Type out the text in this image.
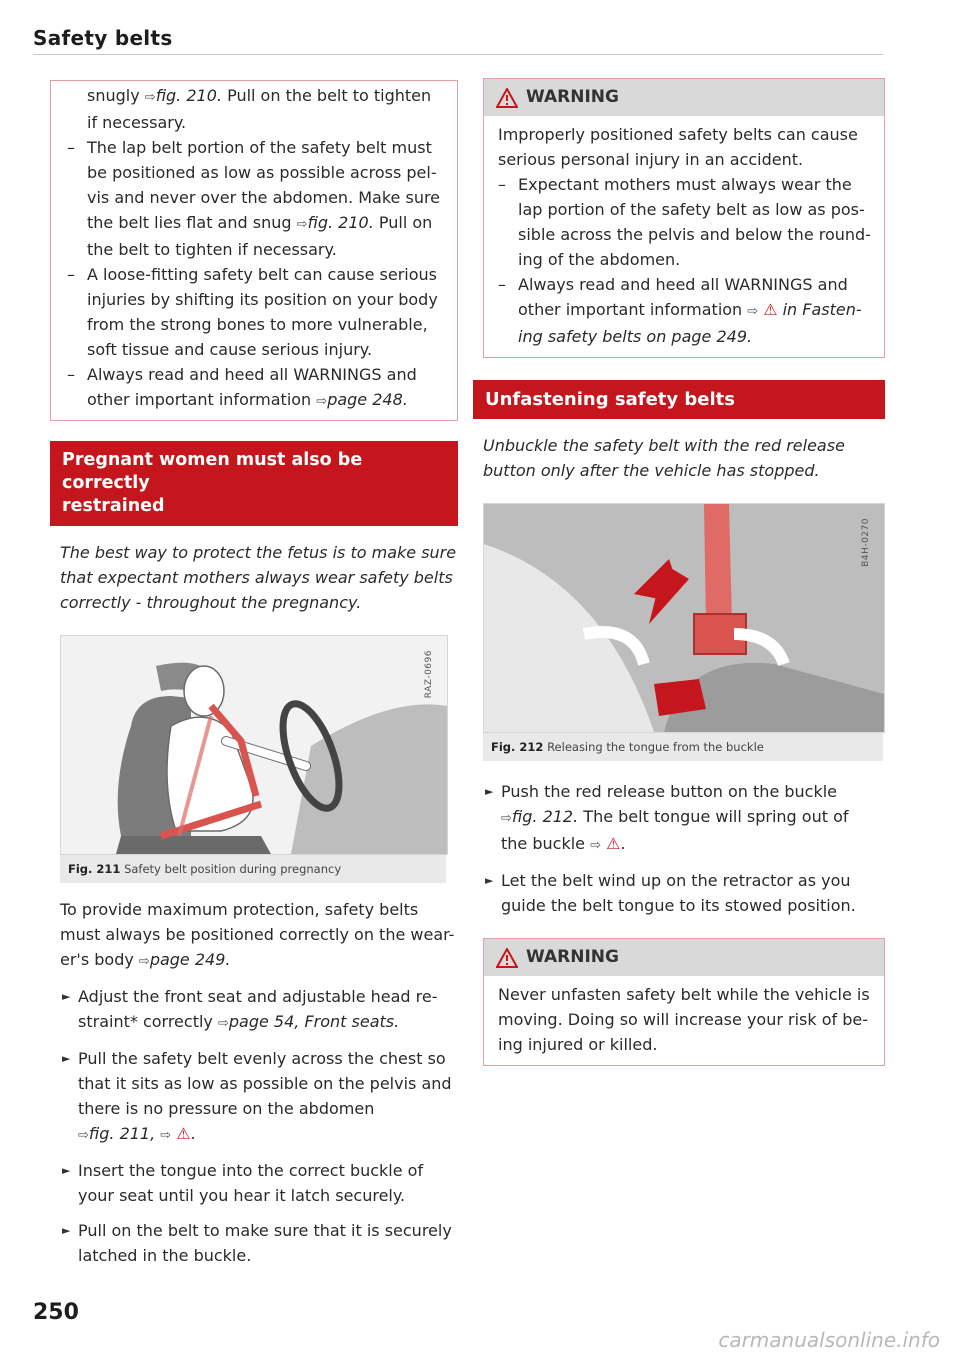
Safety belts

snugly ⇨fig. 210. Pull on the belt to tighten
if necessary.

– The lap belt portion of the safety belt must
be positioned as low as possible across pel-
vis and never over the abdomen. Make sure
the belt lies flat and snug ⇨fig. 210. Pull on
the belt to tighten if necessary.

– A loose-fitting safety belt can cause serious
injuries by shifting its position on your body
from the strong bones to more vulnerable,
soft tissue and cause serious injury.

– Always read and heed all WARNINGS and
other important information ⇨page 248.

Pregnant women must also be correctly
restrained

The best way to protect the fetus is to make sure
that expectant mothers always wear safety belts
correctly - throughout the pregnancy.

RAZ-0696
Fig. 211 Safety belt position during pregnancy

To provide maximum protection, safety belts
must always be positioned correctly on the wear-
er's body ⇨page 249.

► Adjust the front seat and adjustable head re-
straint* correctly ⇨page 54, Front seats.
► Pull the safety belt evenly across the chest so
that it sits as low as possible on the pelvis and
there is no pressure on the abdomen
⇨fig. 211, ⇨ ⚠.
► Insert the tongue into the correct buckle of
your seat until you hear it latch securely.
► Pull on the belt to make sure that it is securely
latched in the buckle.
WARNING
Improperly positioned safety belts can cause
serious personal injury in an accident.
– Expectant mothers must always wear the
lap portion of the safety belt as low as pos-
sible across the pelvis and below the round-
ing of the abdomen.
– Always read and heed all WARNINGS and
other important information ⇨ ⚠ in Fasten-
ing safety belts on page 249.
Unfastening safety belts

Unbuckle the safety belt with the red release
button only after the vehicle has stopped.

B4H-0270
Fig. 212 Releasing the tongue from the buckle
► Push the red release button on the buckle
⇨fig. 212. The belt tongue will spring out of
the buckle ⇨ ⚠.
► Let the belt wind up on the retractor as you
guide the belt tongue to its stowed position.
WARNING
Never unfasten safety belt while the vehicle is
moving. Doing so will increase your risk of be-
ing injured or killed.
250
carmanualsonline.info
